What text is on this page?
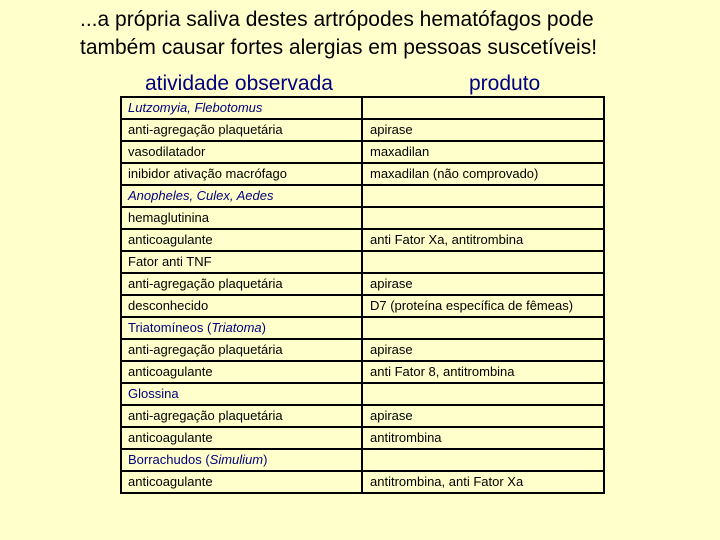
...a própria saliva destes artrópodes hematófagos pode
também causar fortes alergias em pessoas suscetíveis!
atividade observada	produto
Lutzomyia, Flebotomus	
anti-agregação plaquetária	apirase
vasodilatador	maxadilan
inibidor ativação macrófago	maxadilan (não comprovado)
Anopheles, Culex, Aedes	
hemaglutinina	
anticoagulante	anti Fator Xa, antitrombina
Fator anti TNF	
anti-agregação plaquetária	apirase
desconhecido	D7 (proteína específica de fêmeas)
Triatomíneos (Triatoma)	
anti-agregação plaquetária	apirase
anticoagulante	anti Fator 8, antitrombina
Glossina	
anti-agregação plaquetária	apirase
anticoagulante	antitrombina
Borrachudos (Simulium)	
anticoagulante	antitrombina, anti Fator Xa
